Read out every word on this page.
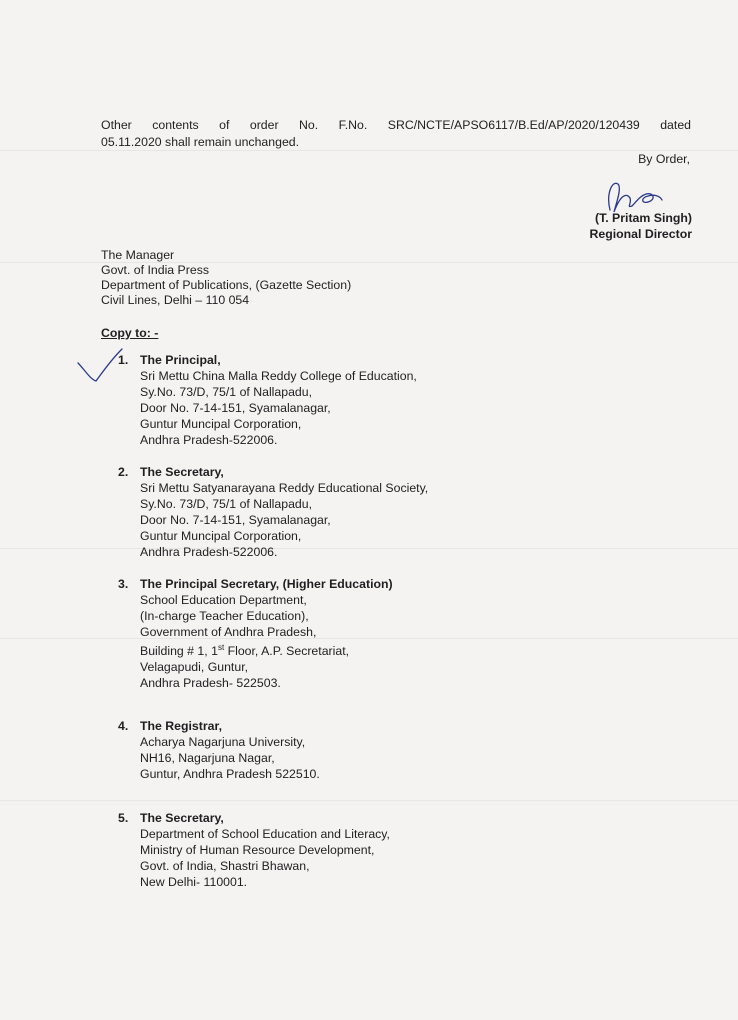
Other contents of order No. F.No. SRC/NCTE/APSO6117/B.Ed/AP/2020/120439 dated
05.11.2020 shall remain unchanged.
By Order,
(T. Pritam Singh)
Regional Director
The Manager
Govt. of India Press
Department of Publications, (Gazette Section)
Civil Lines, Delhi – 110 054
Copy to: -
1. The Principal,
Sri Mettu China Malla Reddy College of Education,
Sy.No. 73/D, 75/1 of Nallapadu,
Door No. 7-14-151, Syamalanagar,
Guntur Muncipal Corporation,
Andhra Pradesh-522006.
2. The Secretary,
Sri Mettu Satyanarayana Reddy Educational Society,
Sy.No. 73/D, 75/1 of Nallapadu,
Door No. 7-14-151, Syamalanagar,
Guntur Muncipal Corporation,
Andhra Pradesh-522006.
3. The Principal Secretary, (Higher Education)
School Education Department,
(In-charge Teacher Education),
Government of Andhra Pradesh,
Building # 1, 1st Floor, A.P. Secretariat,
Velagapudi, Guntur,
Andhra Pradesh- 522503.
4. The Registrar,
Acharya Nagarjuna University,
NH16, Nagarjuna Nagar,
Guntur, Andhra Pradesh 522510.
5. The Secretary,
Department of School Education and Literacy,
Ministry of Human Resource Development,
Govt. of India, Shastri Bhawan,
New Delhi- 110001.
